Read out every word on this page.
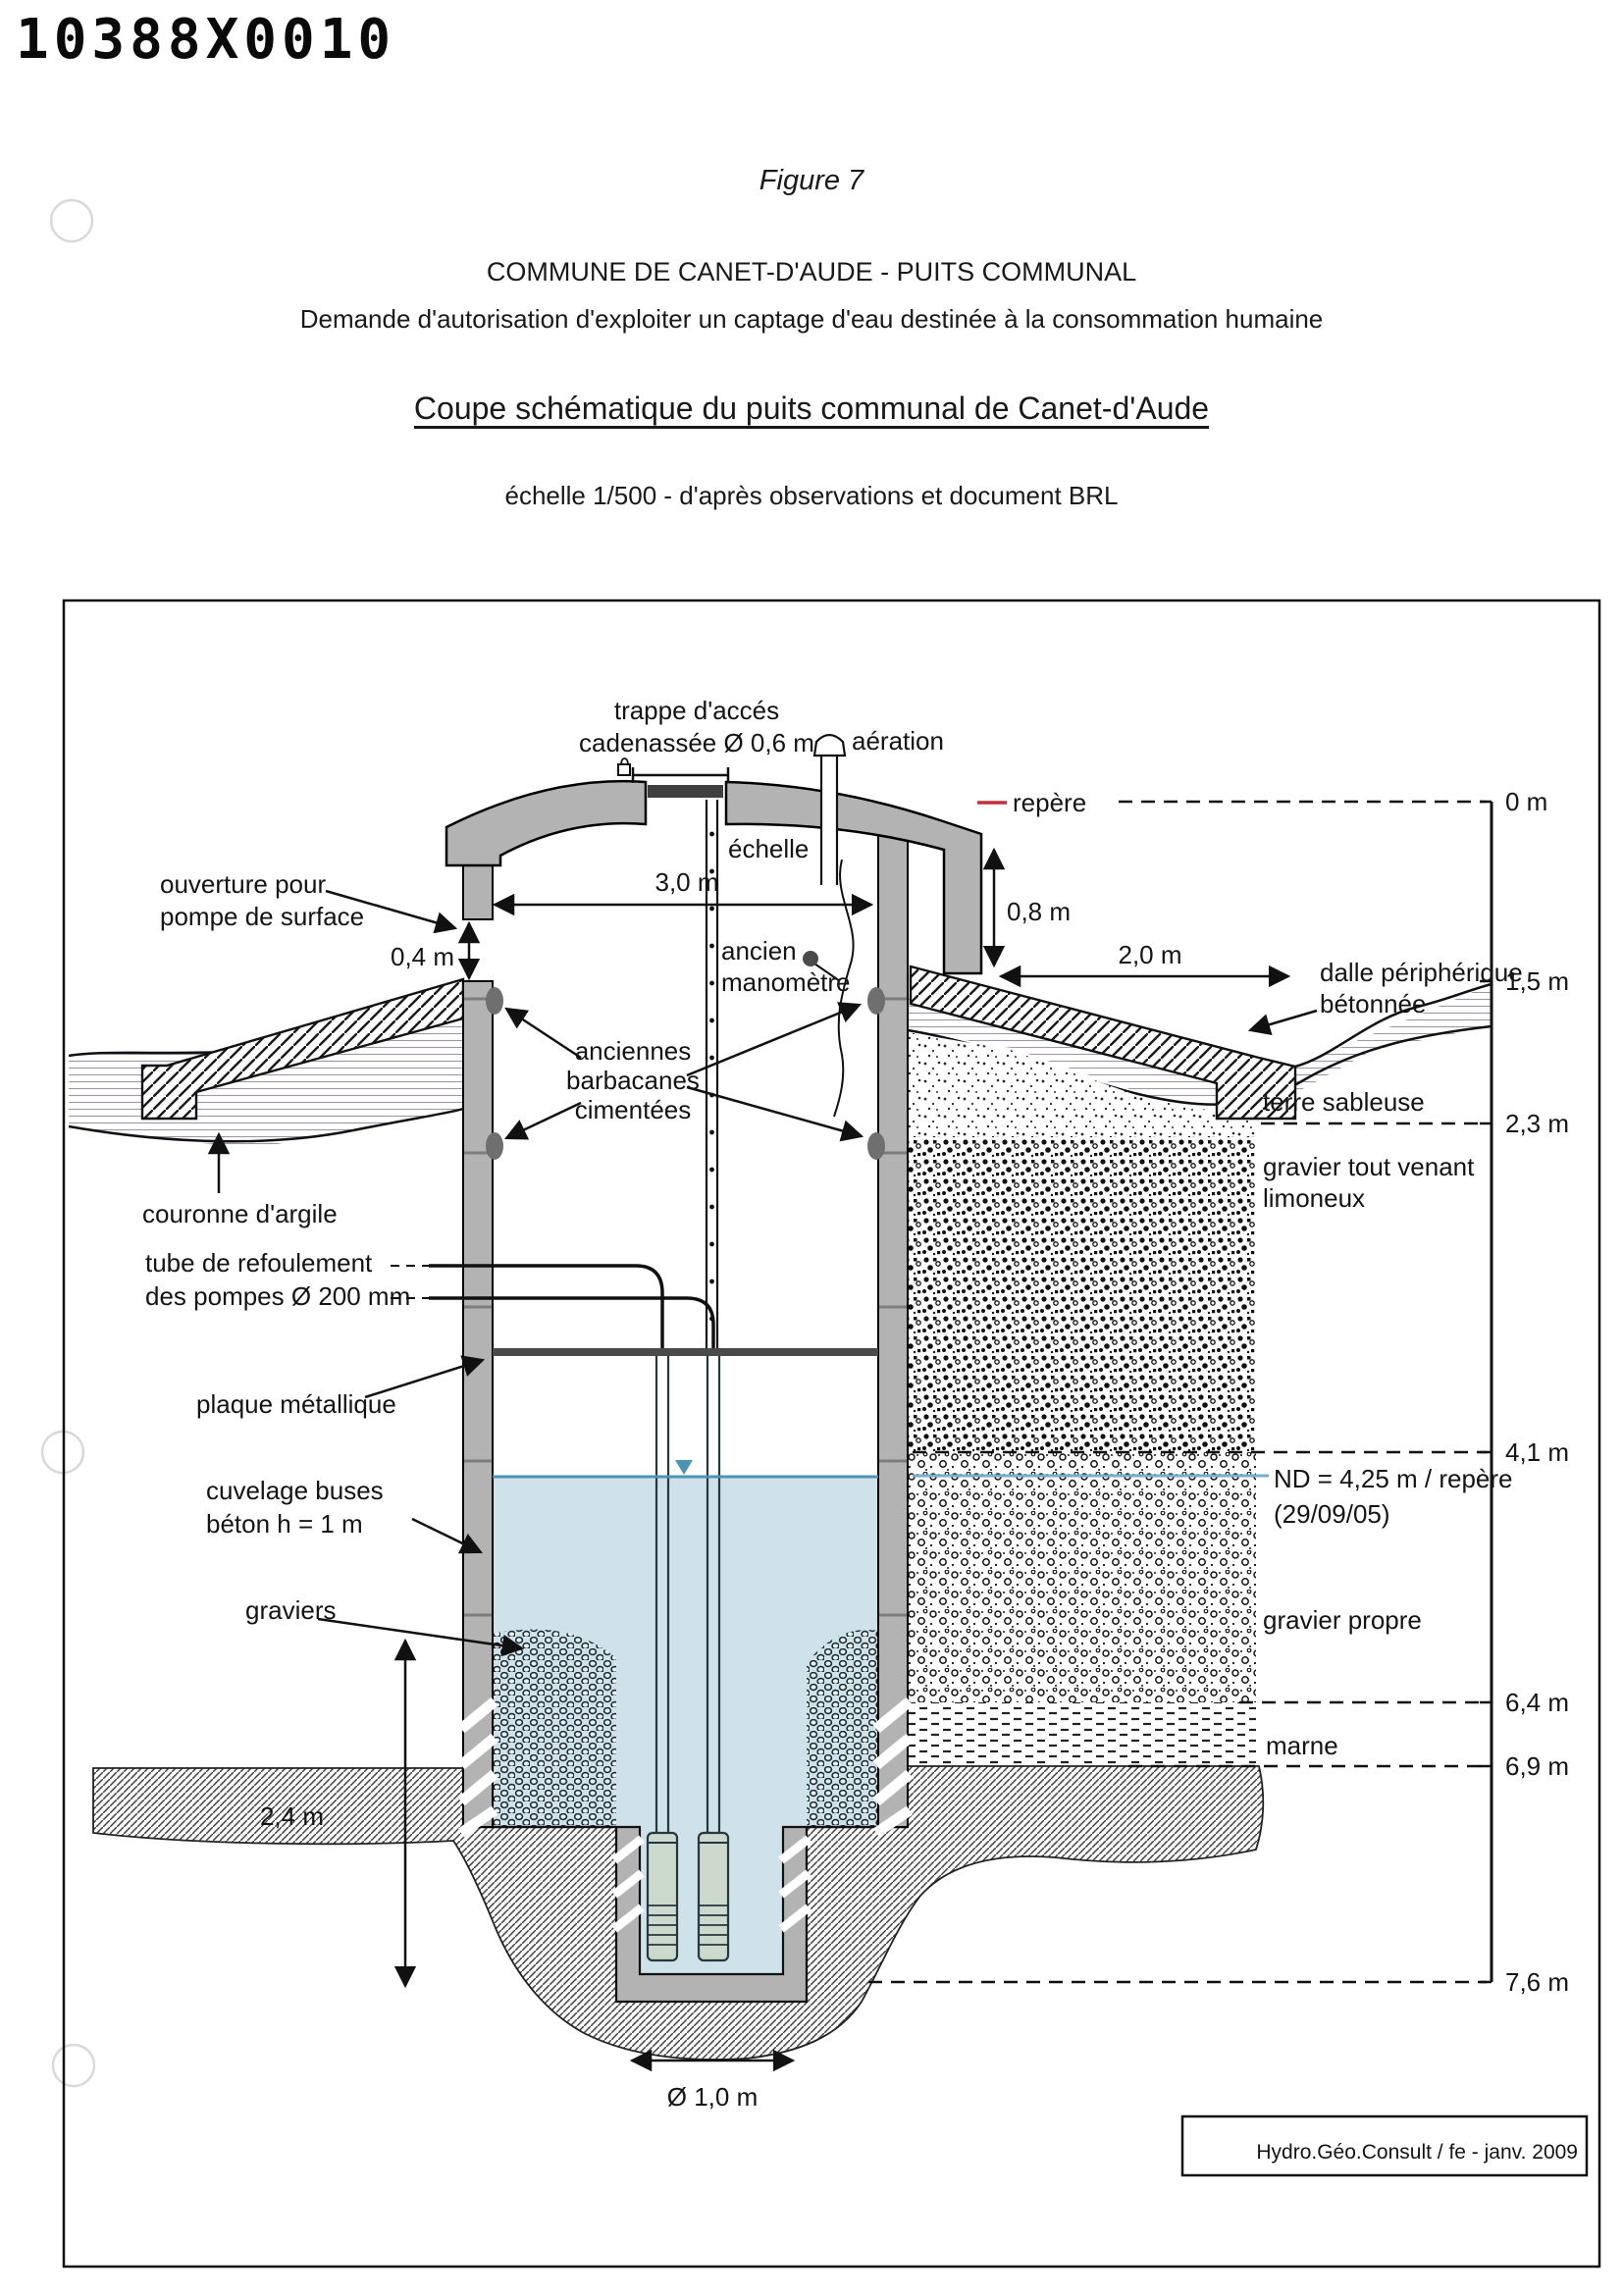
10388X0010
Figure 7
COMMUNE DE CANET-D'AUDE - PUITS COMMUNAL
Demande d'autorisation d'exploiter un captage d'eau destinée à la consommation humaine
Coupe schématique du puits communal de Canet-d'Aude
échelle 1/500 - d'après observations et document BRL
0 m
1,5 m
2,3 m
4,1 m
6,4 m
6,9 m
7,6 m
repère
3,0 m
0,4 m
0,8 m
2,0 m
2,4 m
Ø 1,0 m
trappe d'accés
cadenassée Ø 0,6 m aération
échelle
ouverture pour
pompe de surface
ancien
manomètre
anciennes
barbacanes
cimentées
dalle périphérique
bétonnée
couronne d'argile
terre sableuse
gravier tout venant
limoneux
tube de refoulement
des pompes Ø 200 mm
plaque métallique
ND = 4,25 m / repère
(29/09/05)
cuvelage buses
béton h = 1 m
gravier propre
graviers
marne
Hydro.Géo.Consult / fe - janv. 2009
